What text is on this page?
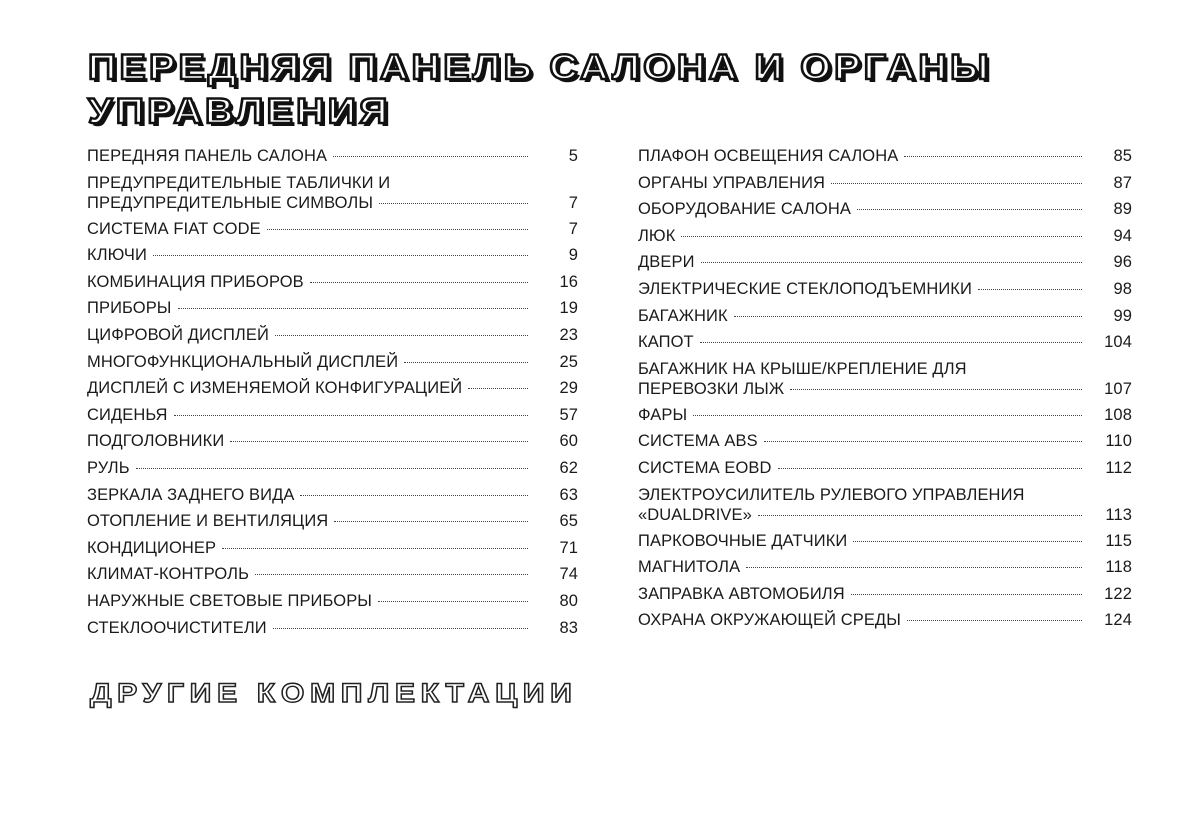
ПЕРЕДНЯЯ ПАНЕЛЬ САЛОНА И ОРГАНЫ
УПРАВЛЕНИЯ
ПЕРЕДНЯЯ ПАНЕЛЬ САЛОНА	5
ПРЕДУПРЕДИТЕЛЬНЫЕ ТАБЛИЧКИ И
ПРЕДУПРЕДИТЕЛЬНЫЕ СИМВОЛЫ	7
СИСТЕМА FIAT CODE	7
КЛЮЧИ	9
КОМБИНАЦИЯ ПРИБОРОВ	16
ПРИБОРЫ	19
ЦИФРОВОЙ ДИСПЛЕЙ	23
МНОГОФУНКЦИОНАЛЬНЫЙ ДИСПЛЕЙ	25
ДИСПЛЕЙ С ИЗМЕНЯЕМОЙ КОНФИГУРАЦИЕЙ	29
СИДЕНЬЯ	57
ПОДГОЛОВНИКИ	60
РУЛЬ	62
ЗЕРКАЛА ЗАДНЕГО ВИДА	63
ОТОПЛЕНИЕ И ВЕНТИЛЯЦИЯ	65
КОНДИЦИОНЕР	71
КЛИМАТ-КОНТРОЛЬ	74
НАРУЖНЫЕ СВЕТОВЫЕ ПРИБОРЫ	80
СТЕКЛООЧИСТИТЕЛИ	83
ПЛАФОН ОСВЕЩЕНИЯ САЛОНА	85
ОРГАНЫ УПРАВЛЕНИЯ	87
ОБОРУДОВАНИЕ САЛОНА	89
ЛЮК	94
ДВЕРИ	96
ЭЛЕКТРИЧЕСКИЕ СТЕКЛОПОДЪЕМНИКИ	98
БАГАЖНИК	99
КАПОТ	104
БАГАЖНИК НА КРЫШЕ/КРЕПЛЕНИЕ ДЛЯ
ПЕРЕВОЗКИ ЛЫЖ	107
ФАРЫ	108
СИСТЕМА ABS	110
СИСТЕМА EOBD	112
ЭЛЕКТРОУСИЛИТЕЛЬ РУЛЕВОГО УПРАВЛЕНИЯ
«DUALDRIVE»	113
ПАРКОВОЧНЫЕ ДАТЧИКИ	115
МАГНИТОЛА	118
ЗАПРАВКА АВТОМОБИЛЯ	122
ОХРАНА ОКРУЖАЮЩЕЙ СРЕДЫ	124
ДРУГИЕ КОМПЛЕКТАЦИИ
